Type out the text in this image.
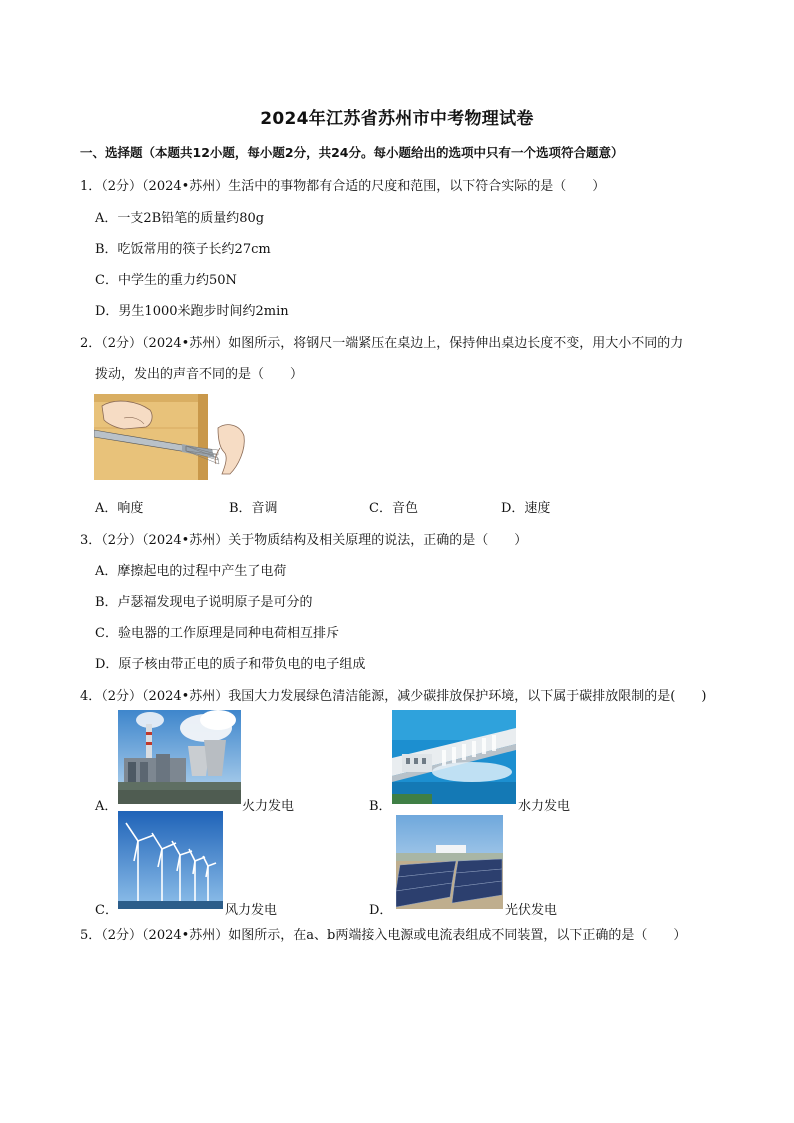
2024年江苏省苏州市中考物理试卷
一、选择题（本题共12小题，每小题2分，共24分。每小题给出的选项中只有一个选项符合题意）
1．（2分）（2024•苏州）生活中的事物都有合适的尺度和范围，以下符合实际的是（　　）
A．一支2B铅笔的质量约80g
B．吃饭常用的筷子长约27cm
C．中学生的重力约50N
D．男生1000米跑步时间约2min
2．（2分）（2024•苏州）如图所示，将钢尺一端紧压在桌边上，保持伸出桌边长度不变，用大小不同的力
拨动，发出的声音不同的是（　　）
A．响度	B．音调	C．音色	D．速度
3．（2分）（2024•苏州）关于物质结构及相关原理的说法，正确的是（　　）
A．摩擦起电的过程中产生了电荷
B．卢瑟福发现电子说明原子是可分的
C．验电器的工作原理是同种电荷相互排斥
D．原子核由带正电的质子和带负电的电子组成
4．（2分）（2024•苏州）我国大力发展绿色清洁能源，减少碳排放保护环境，以下属于碳排放限制的是(　　)
A．	火力发电	B．	水力发电
C．	风力发电	D．	光伏发电
5．（2分）（2024•苏州）如图所示，在a、b两端接入电源或电流表组成不同装置，以下正确的是（　　）
